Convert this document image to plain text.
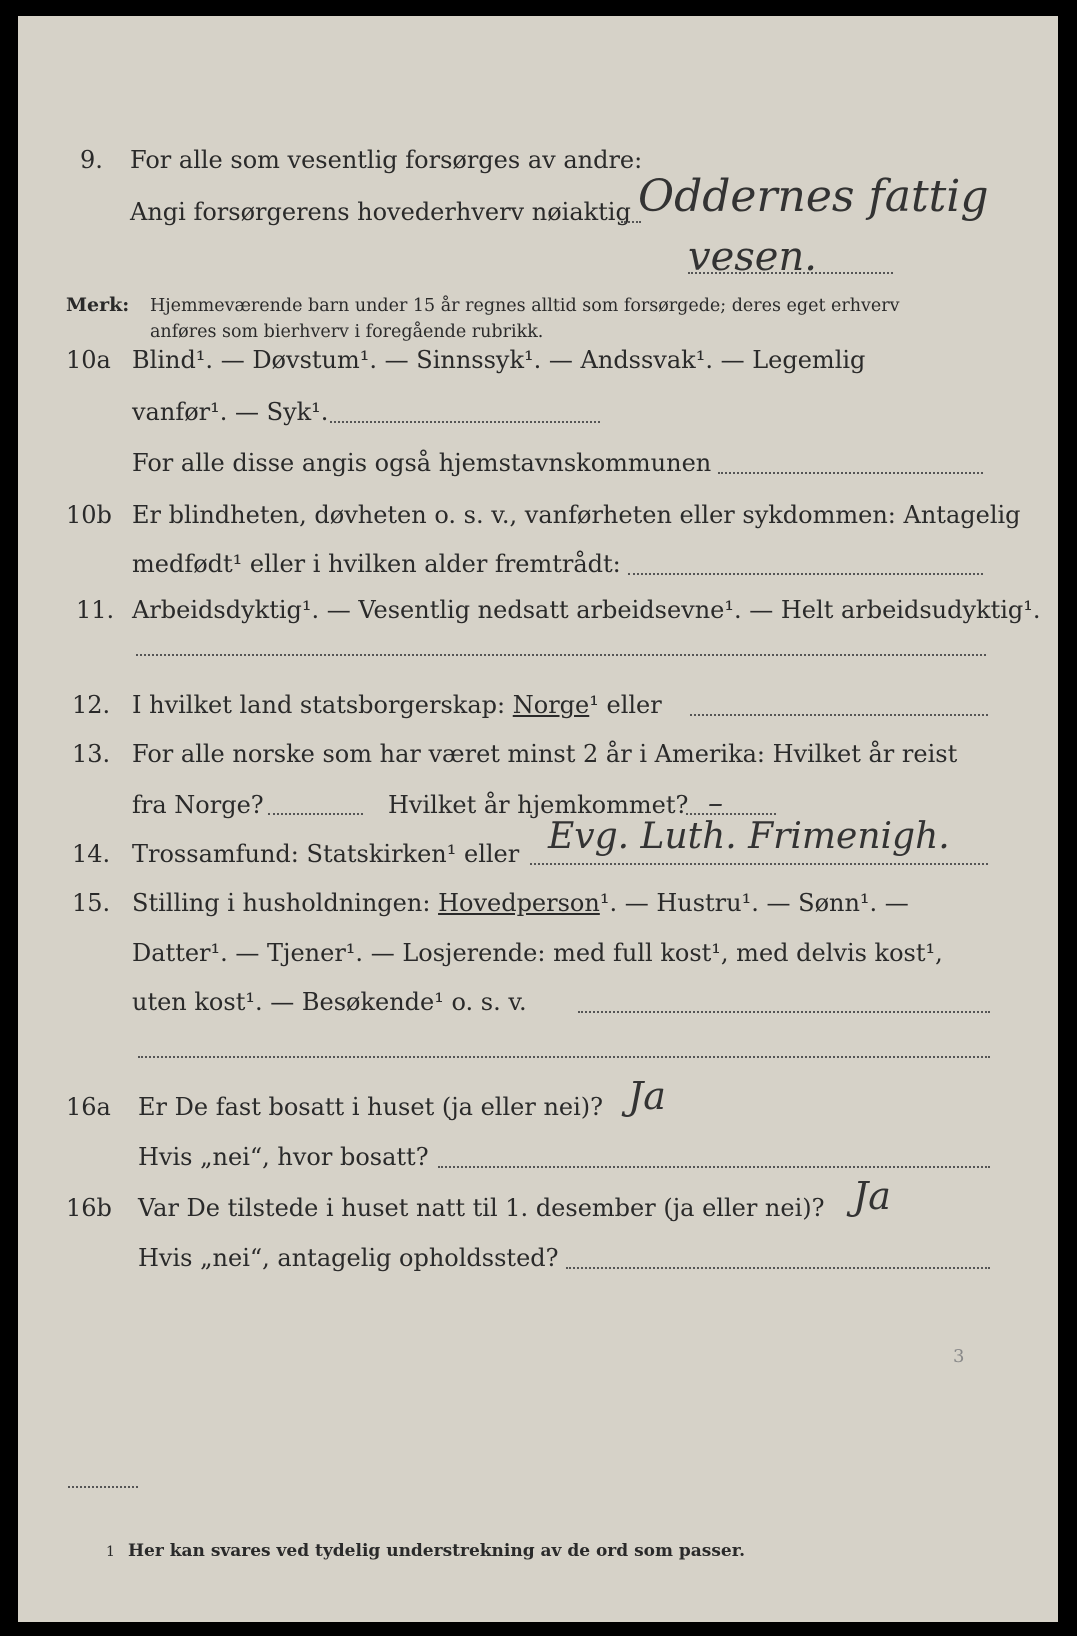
9. For alle som vesentlig forsørges av andre:
Angi forsørgerens hovederhverv nøiaktig Oddernes fattig
vesen.
Merk: Hjemmeværende barn under 15 år regnes alltid som forsørgede; deres eget erhverv
anføres som bierhverv i foregående rubrikk.
10a Blind¹. — Døvstum¹. — Sinnssyk¹. — Andssvak¹. — Legemlig
vanfør¹. — Syk¹.
For alle disse angis også hjemstavnskommunen
10b Er blindheten, døvheten o. s. v., vanførheten eller sykdommen: Antagelig
medfødt¹ eller i hvilken alder fremtrådt:
11. Arbeidsdyktig¹. — Vesentlig nedsatt arbeidsevne¹. — Helt arbeidsudyktig¹.
12. I hvilket land statsborgerskap: Norge¹ eller
13. For alle norske som har været minst 2 år i Amerika: Hvilket år reist
fra Norge?	Hvilket år hjemkommet? –
14. Trossamfund: Statskirken¹ eller Evg. Luth. Frimenigh.
15. Stilling i husholdningen: Hovedperson¹. — Hustru¹. — Sønn¹. —
Datter¹. — Tjener¹. — Losjerende: med full kost¹, med delvis kost¹,
uten kost¹. — Besøkende¹ o. s. v.
16a Er De fast bosatt i huset (ja eller nei)? Ja
Hvis „nei“, hvor bosatt?
16b Var De tilstede i huset natt til 1. desember (ja eller nei)? Ja
Hvis „nei“, antagelig opholdssted?
3
1 Her kan svares ved tydelig understrekning av de ord som passer.
